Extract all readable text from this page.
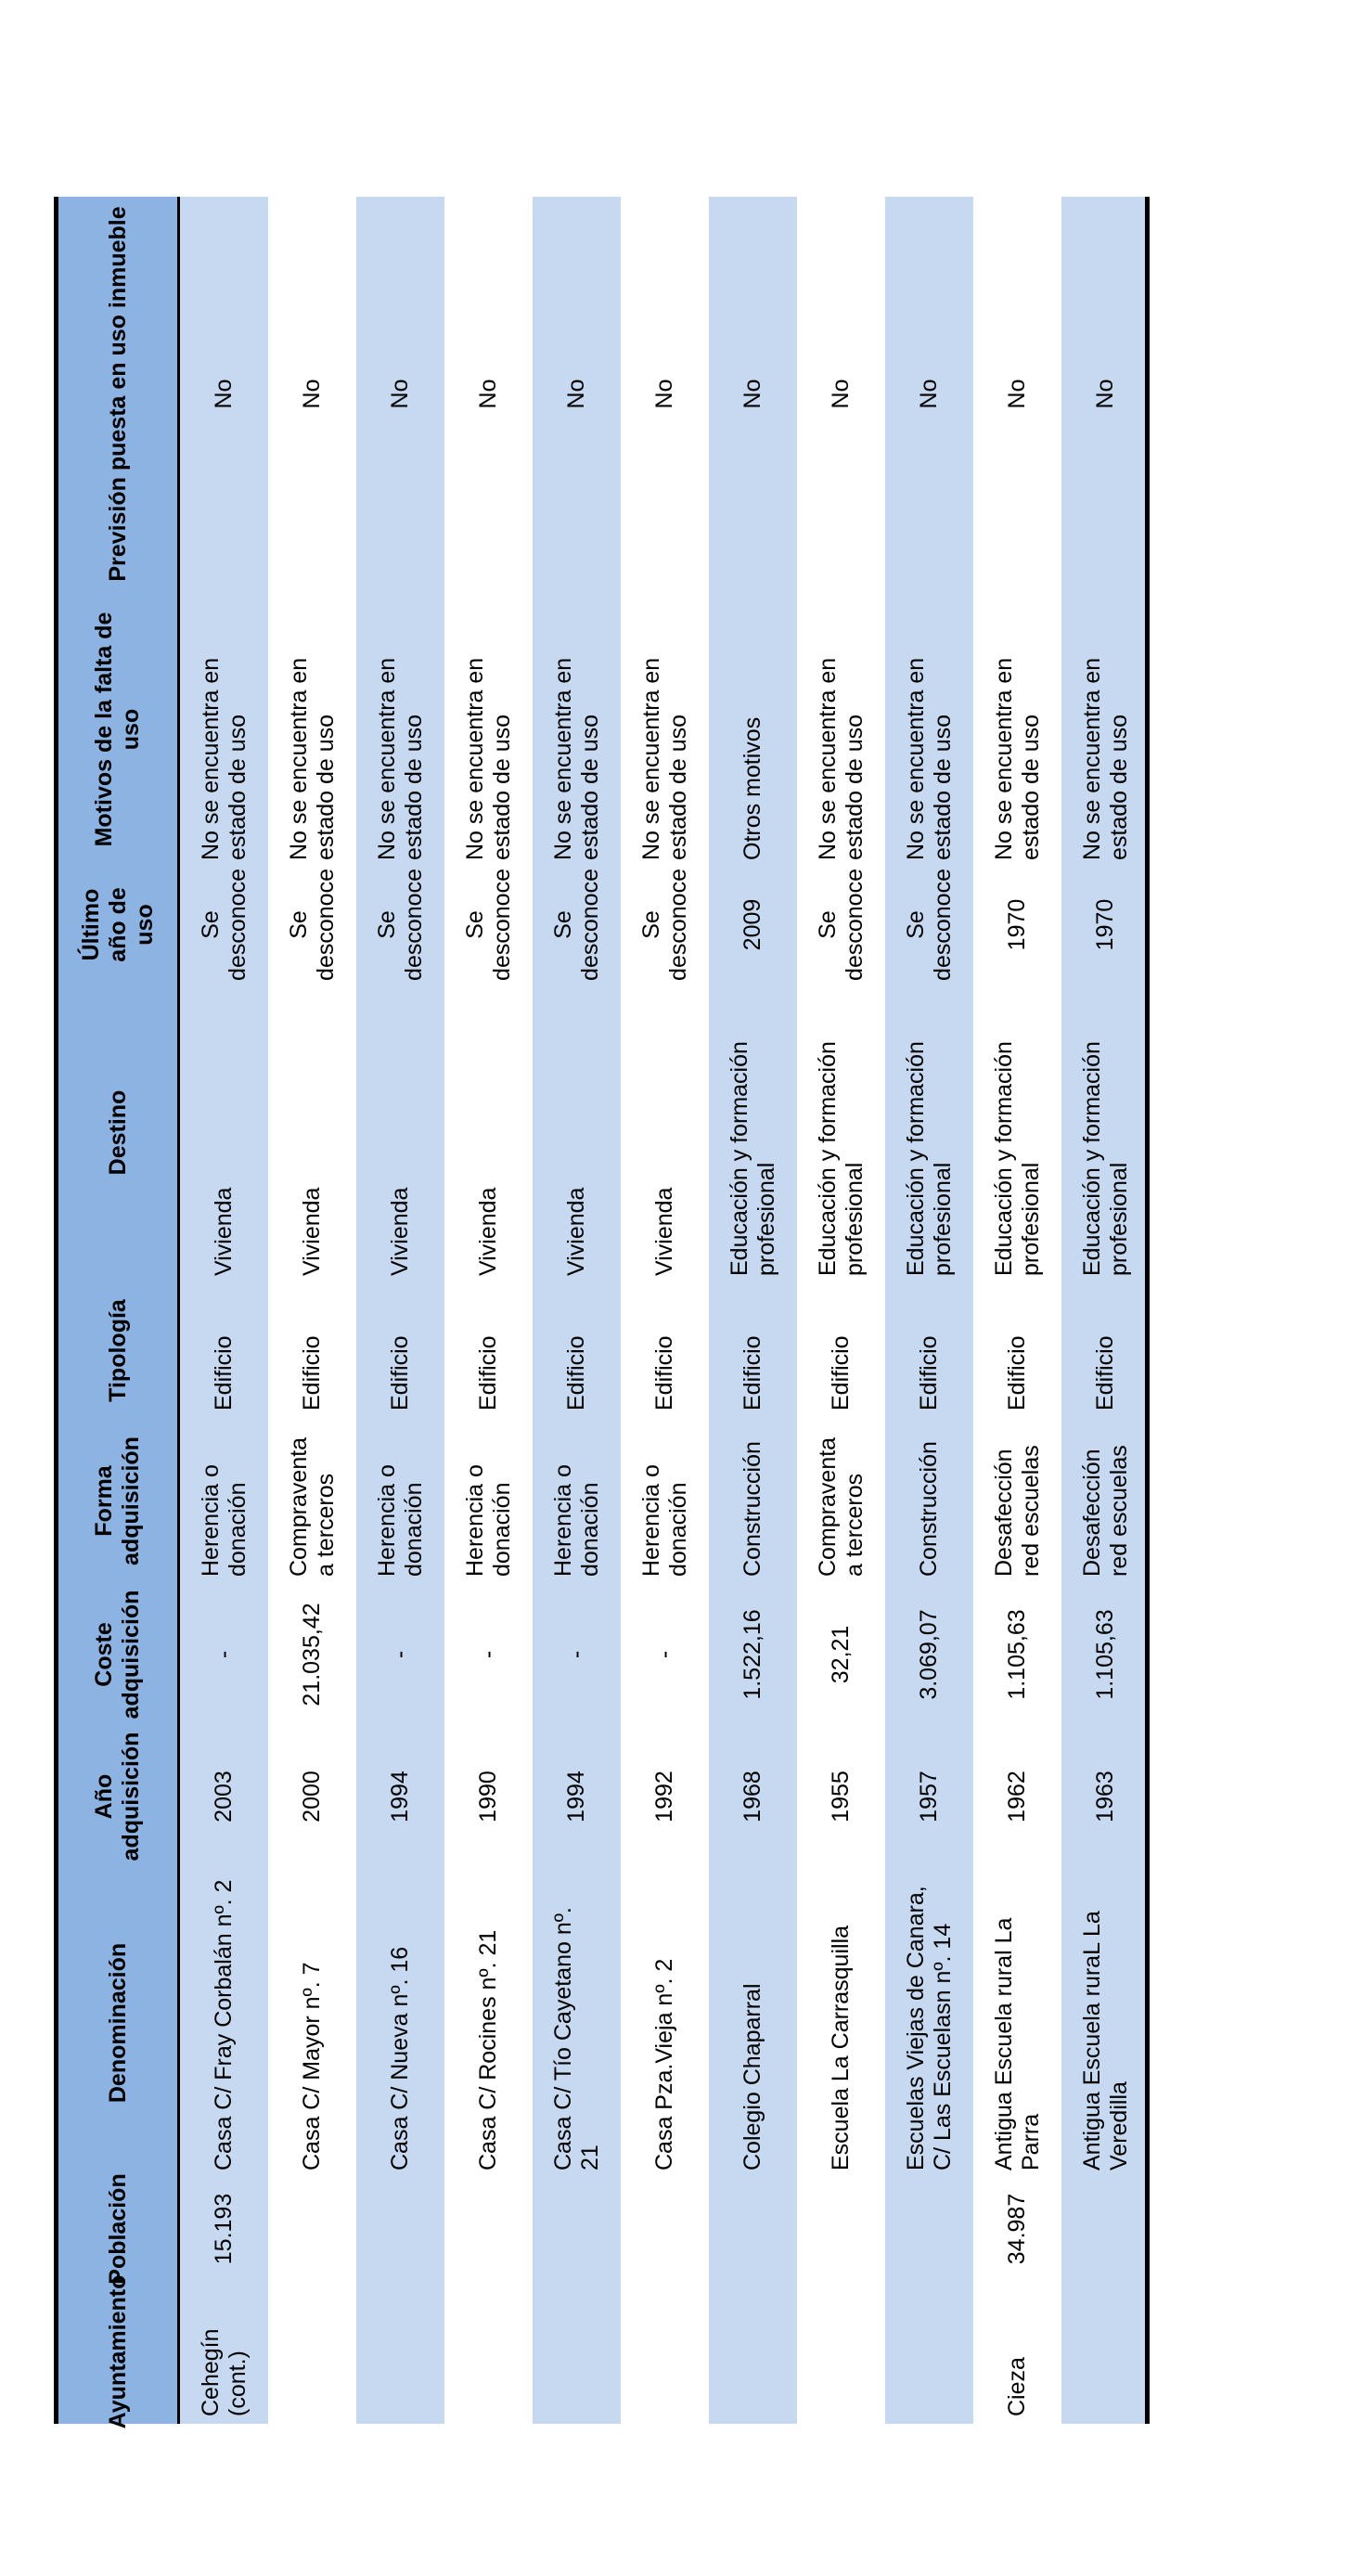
Ayuntamiento
Población
Denominación
Año adquisición
Coste adquisición
Forma adquisición
Tipología
Destino
Último año de uso
Motivos de la falta de uso
Previsión puesta en uso inmueble
Cehegín (cont.)
15.193
Casa C/ Fray Corbalán nº. 2
2003
-
Herencia o donación
Edificio
Vivienda
Se desconoce
No se encuentra en estado de uso
No
Casa C/ Mayor nº. 7
2000
21.035,42
Compraventa a terceros
Edificio
Vivienda
Se desconoce
No se encuentra en estado de uso
No
Casa C/ Nueva nº. 16
1994
-
Herencia o donación
Edificio
Vivienda
Se desconoce
No se encuentra en estado de uso
No
Casa C/ Rocines nº. 21
1990
-
Herencia o donación
Edificio
Vivienda
Se desconoce
No se encuentra en estado de uso
No
Casa C/ Tío Cayetano nº. 21
1994
-
Herencia o donación
Edificio
Vivienda
Se desconoce
No se encuentra en estado de uso
No
Casa Pza.Vieja nº. 2
1992
-
Herencia o donación
Edificio
Vivienda
Se desconoce
No se encuentra en estado de uso
No
Colegio Chaparral
1968
1.522,16
Construcción
Edificio
Educación y formación profesional
2009
Otros motivos
No
Escuela La Carrasquilla
1955
32,21
Compraventa a terceros
Edificio
Educación y formación profesional
Se desconoce
No se encuentra en estado de uso
No
Escuelas Viejas de Canara, C/ Las Escuelasn nº. 14
1957
3.069,07
Construcción
Edificio
Educación y formación profesional
Se desconoce
No se encuentra en estado de uso
No
Cieza
34.987
Antigua Escuela rural La Parra
1962
1.105,63
Desafección red escuelas
Edificio
Educación y formación profesional
1970
No se encuentra en estado de uso
No
Antigua Escuela ruraL La Veredilla
1963
1.105,63
Desafección red escuelas
Edificio
Educación y formación profesional
1970
No se encuentra en estado de uso
No
